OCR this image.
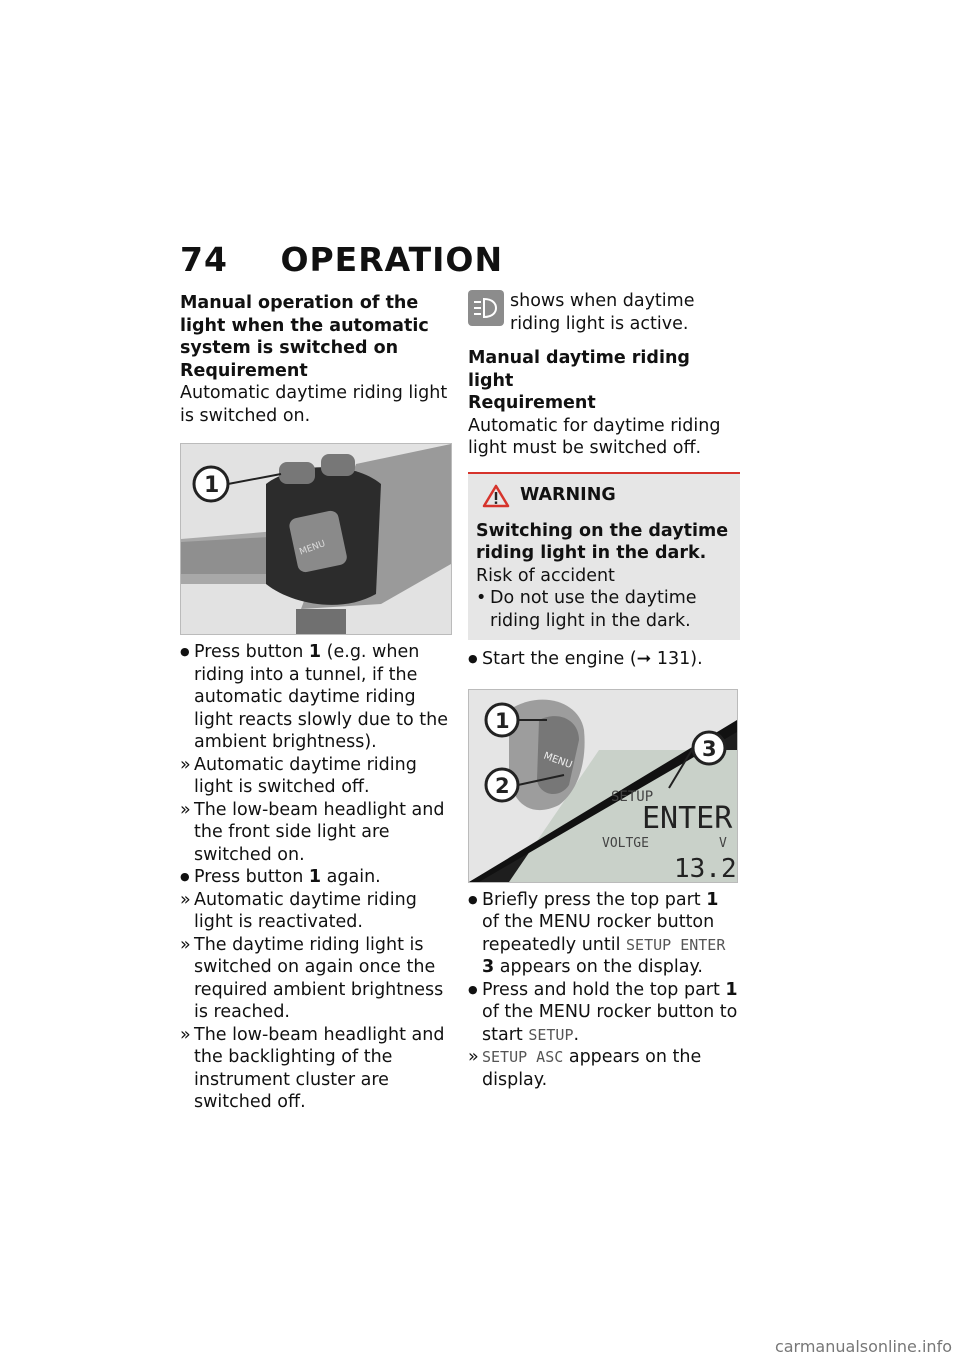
74 OPERATION

Manual operation of the light when the automatic system is switched on

Requirement

Automatic daytime riding light is switched on.

MENU
1
● Press button 1 (e.g. when riding into a tunnel, if the automatic daytime riding light reacts slowly due to the ambient brightness).
» Automatic daytime riding light is switched off.
» The low-beam headlight and the front side light are switched on.
● Press button 1 again.
» Automatic daytime riding light is reactivated.
» The daytime riding light is switched on again once the required ambient brightness is reached.
» The low-beam headlight and the backlighting of the instrument cluster are switched off.

shows when daytime riding light is active.

Manual daytime riding light

Requirement

Automatic for daytime riding light must be switched off.

WARNING

Switching on the daytime riding light in the dark.

Risk of accident

• Do not use the daytime riding light in the dark.
● Start the engine (➞ 131).
MENU
SETUP
ENTER
VOLTGE	V
13.2
1
2
3
● Briefly press the top part 1 of the MENU rocker button repeatedly until SETUP ENTER 3 appears on the display.
● Press and hold the top part 1 of the MENU rocker button to start SETUP.
» SETUP ASC appears on the display.
carmanualsonline.info
